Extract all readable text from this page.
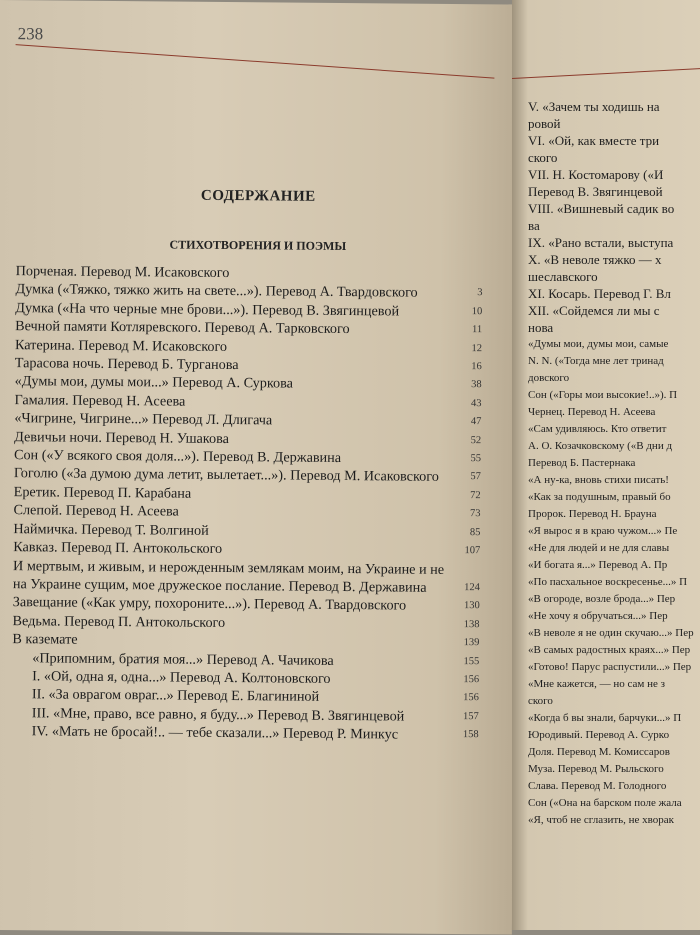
238
СОДЕРЖАНИЕ
СТИХОТВОРЕНИЯ И ПОЭМЫ
Порченая. Перевод М. Исаковского
Думка («Тяжко, тяжко жить на свете...»). Перевод А. Твардовского	3
Думка («На что черные мне брови...»). Перевод В. Звягинцевой	10
Вечной памяти Котляревского. Перевод А. Тарковского	11
Катерина. Перевод М. Исаковского	12
Тарасова ночь. Перевод Б. Турганова	16
«Думы мои, думы мои...» Перевод А. Суркова	38
Гамалия. Перевод Н. Асеева	43
«Чигрине, Чигрине...» Перевод Л. Длигача	47
Девичьи ночи. Перевод Н. Ушакова	52
Сон («У всякого своя доля...»). Перевод В. Державина	55
Гоголю («За думою дума летит, вылетает...»). Перевод М. Исаковского	57
Еретик. Перевод П. Карабана	72
Слепой. Перевод Н. Асеева	73
Наймичка. Перевод Т. Волгиной	85
Кавказ. Перевод П. Антокольского	107
И мертвым, и живым, и нерожденным землякам моим, на Украине и не на Украине сущим, мое дружеское послание. Перевод В. Державина	124
Завещание («Как умру, похороните...»). Перевод А. Твардовского	130
Ведьма. Перевод П. Антокольского	138
В каземате	139
«Припомним, братия моя...» Перевод А. Чачикова	155
I. «Ой, одна я, одна...» Перевод А. Колтоновского	156
II. «За оврагом овраг...» Перевод Е. Благининой	156
III. «Мне, право, все равно, я буду...» Перевод В. Звягинцевой	157
IV. «Мать не бросай!.. — тебе сказали...» Перевод Р. Минкус	158
V. «Зачем ты ходишь на
ровой
VI. «Ой, как вместе три
ского
VII. Н. Костомарову («И
Перевод В. Звягинцевой
VIII. «Вишневый садик во
ва
IX. «Рано встали, выступа
X. «В неволе тяжко — х
шеславского
XI. Косарь. Перевод Г. Вл
XII. «Сойдемся ли мы с
нова
«Думы мои, думы мои, самые
N. N. («Тогда мне лет тринад
довского
Сон («Горы мои высокие!..»). П
Чернец. Перевод Н. Асеева
«Сам удивляюсь. Кто ответит
А. О. Козачковскому («В дни д
Перевод Б. Пастернака
«А ну-ка, вновь стихи писать!
«Как за подушным, правый бо
Пророк. Перевод Н. Брауна
«Я вырос я в краю чужом...» Пе
«Не для людей и не для славы
«И богата я...» Перевод А. Пр
«По пасхальное воскресенье...» П
«В огороде, возле брода...» Пер
«Не хочу я обручаться...» Пер
«В неволе я не один скучаю...» Пер
«В самых радостных краях...» Пер
«Готово! Парус распустили...» Пер
«Мне кажется, — но сам не з
ского
«Когда б вы знали, барчуки...» П
Юродивый. Перевод А. Сурко
Доля. Перевод М. Комиссаров
Муза. Перевод М. Рыльского
Слава. Перевод М. Голодного
Сон («Она на барском поле жала
«Я, чтоб не сглазить, не хворак
